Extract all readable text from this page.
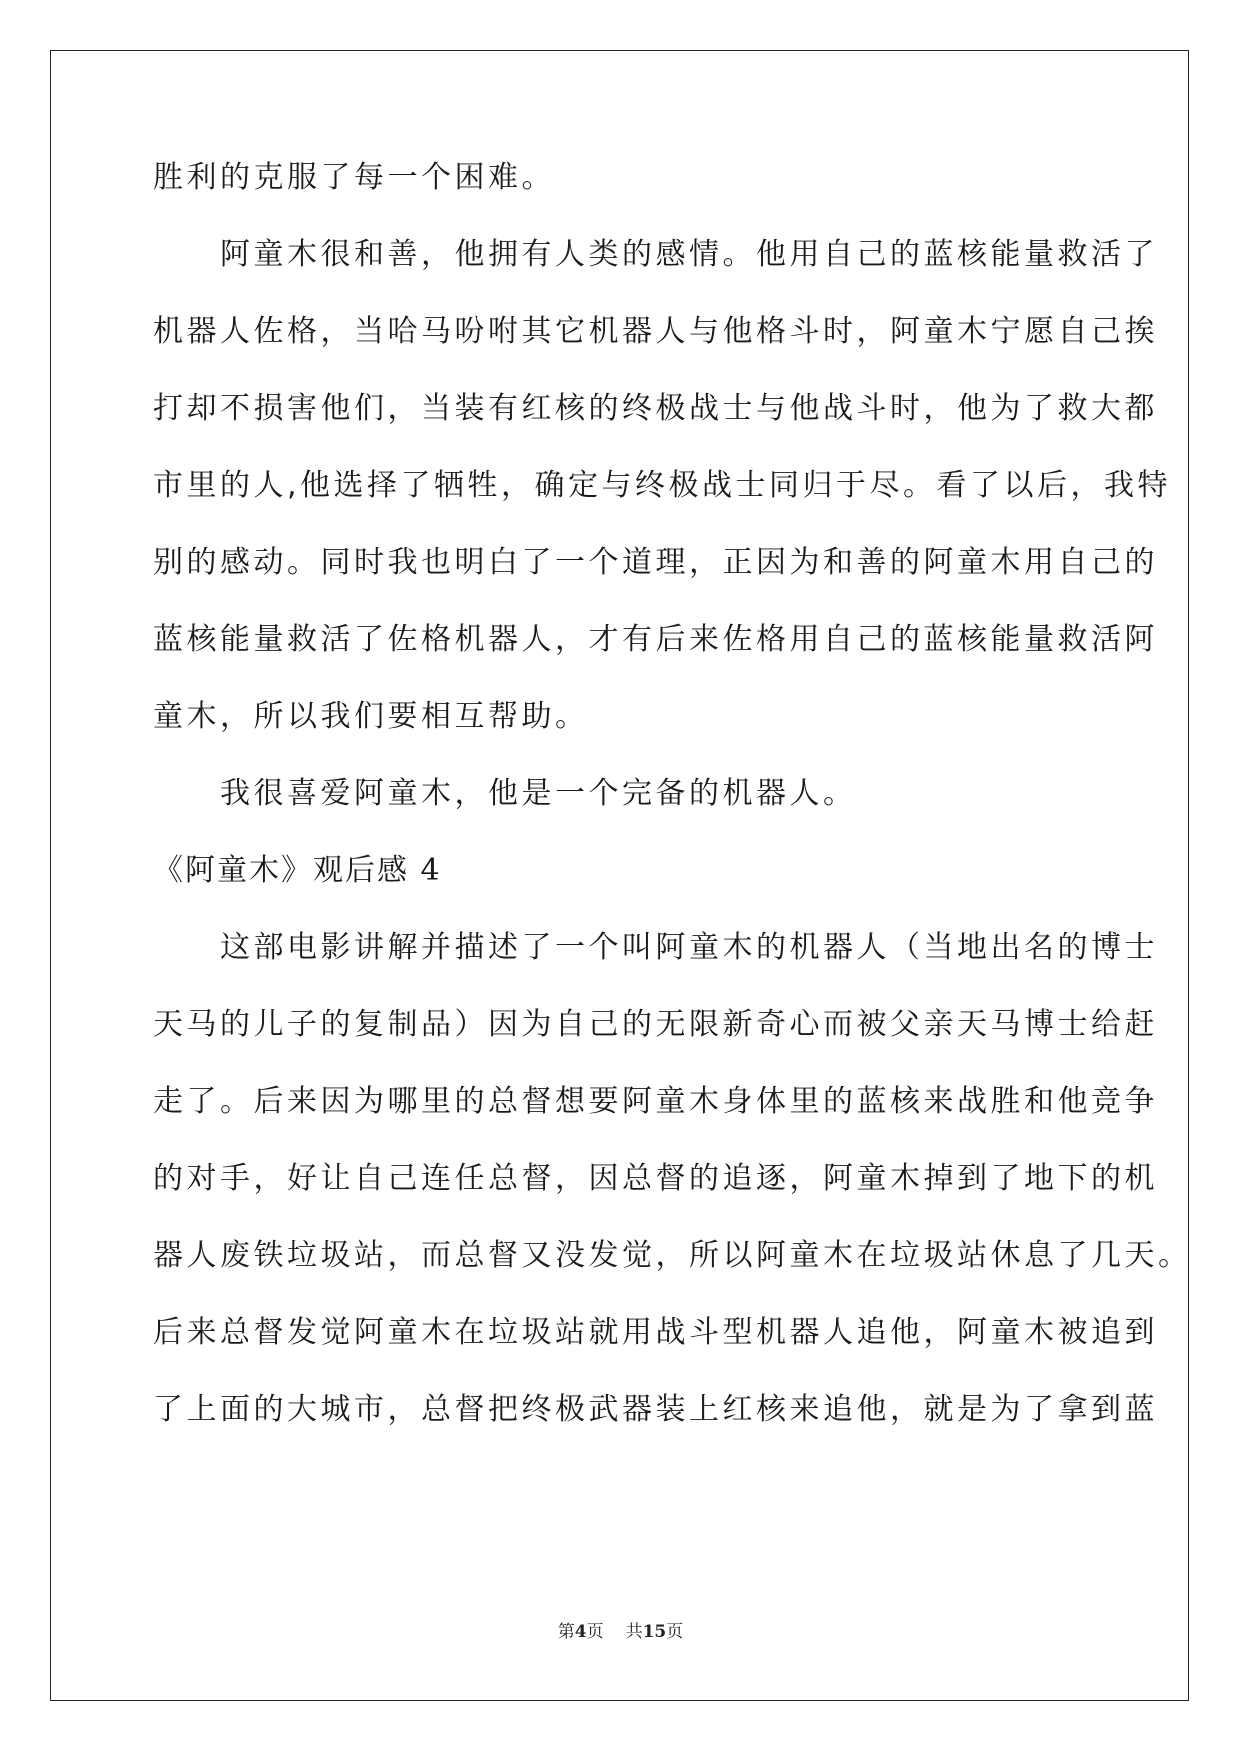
胜利的克服了每一个困难。
　　阿童木很和善，他拥有人类的感情。他用自己的蓝核能量救活了
机器人佐格，当哈马吩咐其它机器人与他格斗时，阿童木宁愿自己挨
打却不损害他们，当装有红核的终极战士与他战斗时，他为了救大都
市里的人,他选择了牺牲，确定与终极战士同归于尽。看了以后，我特
别的感动。同时我也明白了一个道理，正因为和善的阿童木用自己的
蓝核能量救活了佐格机器人，才有后来佐格用自己的蓝核能量救活阿
童木，所以我们要相互帮助。
　　我很喜爱阿童木，他是一个完备的机器人。
《阿童木》观后感 4
　　这部电影讲解并描述了一个叫阿童木的机器人（当地出名的博士
天马的儿子的复制品）因为自己的无限新奇心而被父亲天马博士给赶
走了。后来因为哪里的总督想要阿童木身体里的蓝核来战胜和他竞争
的对手，好让自己连任总督，因总督的追逐，阿童木掉到了地下的机
器人废铁垃圾站，而总督又没发觉，所以阿童木在垃圾站休息了几天。
后来总督发觉阿童木在垃圾站就用战斗型机器人追他，阿童木被追到
了上面的大城市，总督把终极武器装上红核来追他，就是为了拿到蓝
第4页 共15页
